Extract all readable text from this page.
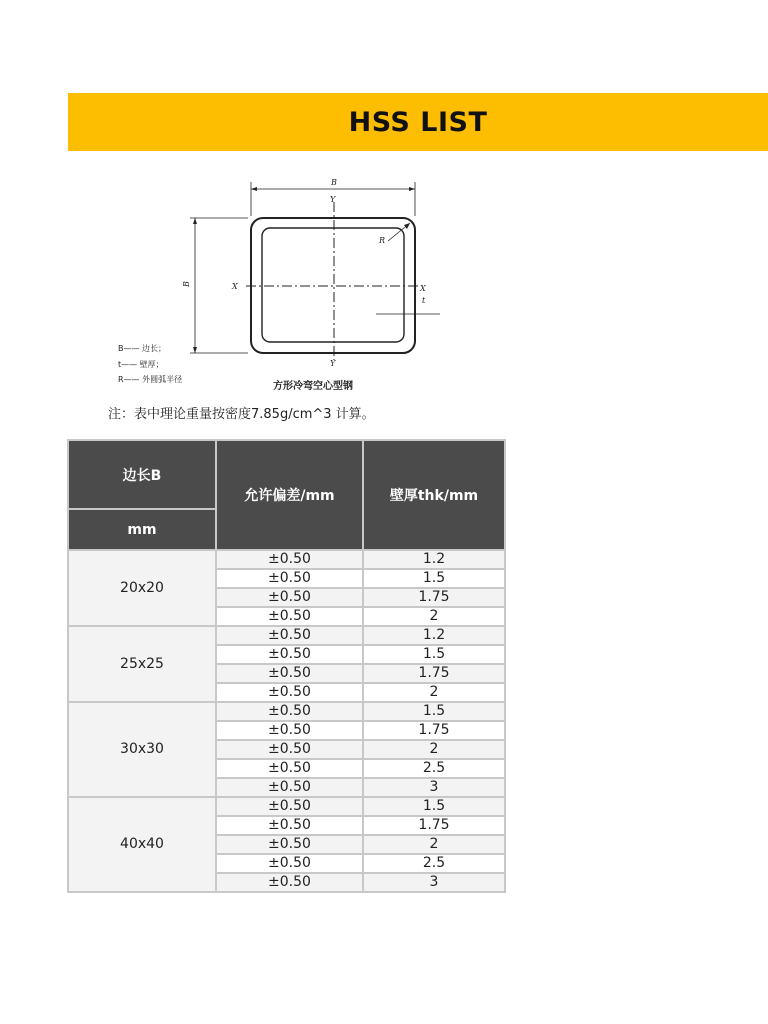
HSS LIST
B
Y
Y
X	X
R
t
B
B—— 边长；
t—— 壁厚；
R—— 外圆弧半径
方形冷弯空心型钢
注：表中理论重量按密度7.85g/cm^3 计算。
边长B	允许偏差/mm	壁厚thk/mm
mm		
20x20	±0.50	1.2
	±0.50	1.5
	±0.50	1.75
	±0.50	2
25x25	±0.50	1.2
	±0.50	1.5
	±0.50	1.75
	±0.50	2
30x30	±0.50	1.5
	±0.50	1.75
	±0.50	2
	±0.50	2.5
	±0.50	3
40x40	±0.50	1.5
	±0.50	1.75
	±0.50	2
	±0.50	2.5
	±0.50	3
